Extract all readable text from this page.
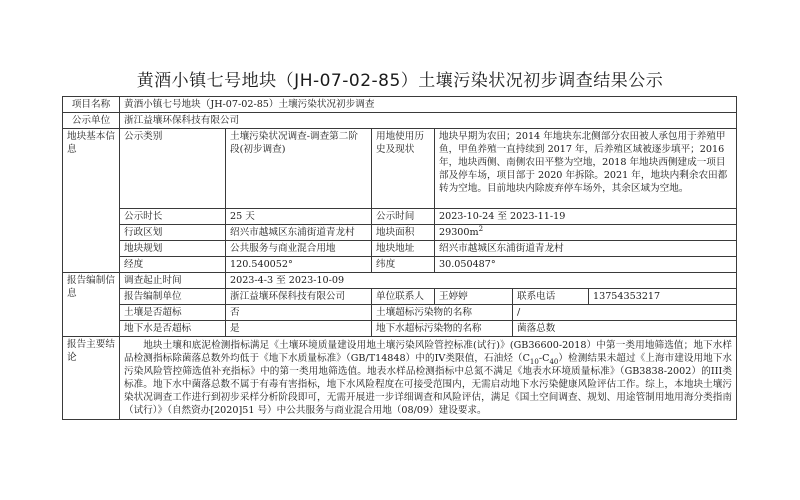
黄酒小镇七号地块（JH-07-02-85）土壤污染状况初步调查结果公示
项目名称	黄酒小镇七号地块（JH-07-02-85）土壤污染状况初步调查					
公示单位	浙江益壤环保科技有限公司					
地块基本信息	公示类别	土壤污染状况调查-调查第二阶段(初步调查)	用地使用历史及现状	地块早期为农田；2014 年地块东北侧部分农田被人承包用于养殖甲鱼，甲鱼养殖一直持续到 2017 年，后养殖区域被逐步填平；2016 年，地块西侧、南侧农田平整为空地，2018 年地块西侧建成一项目部及停车场，项目部于 2020 年拆除。2021 年，地块内剩余农田都转为空地。目前地块内除废弃停车场外，其余区域为空地。		
	公示时长	25 天	公示时间	2023-10-24 至 2023-11-19		
	行政区划	绍兴市越城区东浦街道青龙村	地块面积	$29300m^2$
	地块规划	公共服务与商业混合用地	地块地址	绍兴市越城区东浦街道青龙村		
	经度	120.540052°	纬度	30.050487°		
报告编制信息	调查起止时间	2023-4-3 至 2023-10-09				
	报告编制单位	浙江益壤环保科技有限公司	单位联系人	王婷婷	联系电话	13754353217
	土壤是否超标	否	土壤超标污染物的名称		/	
	地下水是否超标	是	地下水超标污染物的名称		菌落总数	
报告主要结论	地块土壤和底泥检测指标满足《土壤环境质量建设用地土壤污染风险管控标准(试行)》(GB36600-2018）中第一类用地筛选值；地下水样品检测指标除菌落总数外均低于《地下水质量标准》（GB/T14848）中的IV类限值，石油烃$(C_{10}-C_{40})$检测结果未超过《上海市建设用地下水污染风险管控筛选值补充指标》中的第一类用地筛选值。地表水样品检测指标中总氮不满足《地表水环境质量标准》（GB3838-2002）的III类标准。地下水中菌落总数不属于有毒有害指标，地下水风险程度在可接受范围内，无需启动地下水污染健康风险评估工作。综上，本地块土壤污染状况调查工作进行到初步采样分析阶段即可，无需开展进一步详细调查和风险评估，满足《国土空间调查、规划、用途管制用地用海分类指南（试行）》（自然资办[2020]51 号）中公共服务与商业混合用地（08/09）建设要求。					
